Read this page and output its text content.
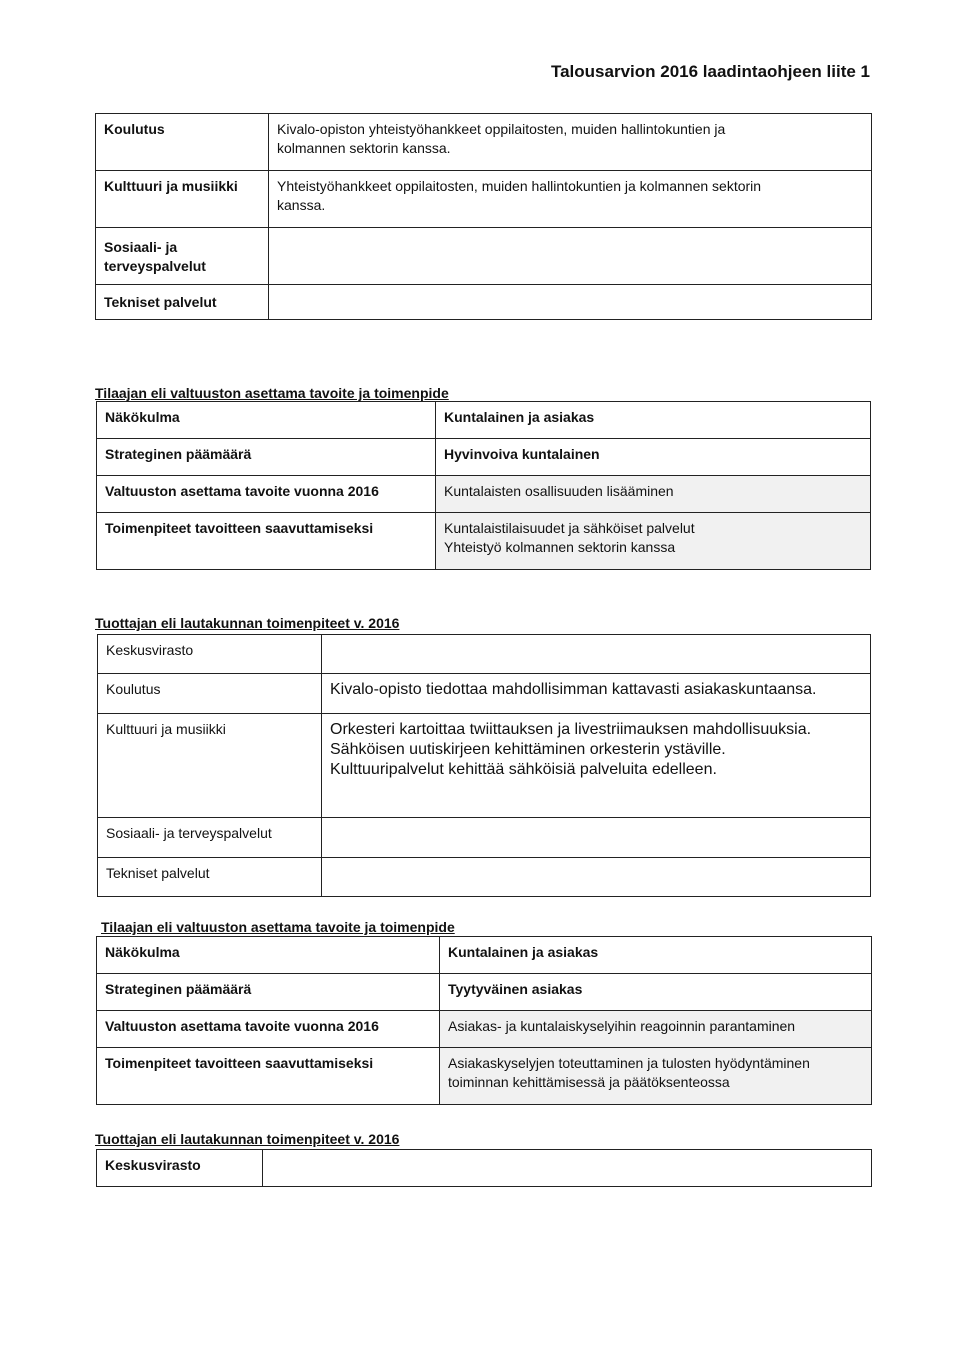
Talousarvion 2016 laadintaohjeen liite 1
Koulutus	Kivalo-opiston yhteistyöhankkeet oppilaitosten, muiden hallintokuntien ja
kolmannen sektorin kanssa.
Kulttuuri ja musiikki	Yhteistyöhankkeet oppilaitosten, muiden hallintokuntien ja kolmannen sektorin
kanssa.
Sosiaali- ja
terveyspalvelut	
Tekniset palvelut	
Tilaajan eli valtuuston asettama tavoite ja toimenpide
Näkökulma	Kuntalainen ja asiakas
Strateginen päämäärä	Hyvinvoiva kuntalainen
Valtuuston asettama tavoite vuonna 2016	Kuntalaisten osallisuuden lisääminen
Toimenpiteet tavoitteen saavuttamiseksi	Kuntalaistilaisuudet ja sähköiset palvelut
Yhteistyö kolmannen sektorin kanssa
Tuottajan eli lautakunnan toimenpiteet v. 2016
Keskusvirasto	
Koulutus	Kivalo-opisto tiedottaa mahdollisimman kattavasti asiakaskuntaansa.
Kulttuuri ja musiikki	Orkesteri kartoittaa twiittauksen ja livestriimauksen mahdollisuuksia.
Sähköisen uutiskirjeen kehittäminen orkesterin ystäville.
Kulttuuripalvelut kehittää sähköisiä palveluita edelleen.
Sosiaali- ja terveyspalvelut	
Tekniset palvelut	
Tilaajan eli valtuuston asettama tavoite ja toimenpide
Näkökulma	Kuntalainen ja asiakas
Strateginen päämäärä	Tyytyväinen asiakas
Valtuuston asettama tavoite vuonna 2016	Asiakas- ja kuntalaiskyselyihin reagoinnin parantaminen
Toimenpiteet tavoitteen saavuttamiseksi	Asiakaskyselyjen toteuttaminen ja tulosten hyödyntäminen
toiminnan kehittämisessä ja päätöksenteossa
Tuottajan eli lautakunnan toimenpiteet v. 2016
Keskusvirasto	
